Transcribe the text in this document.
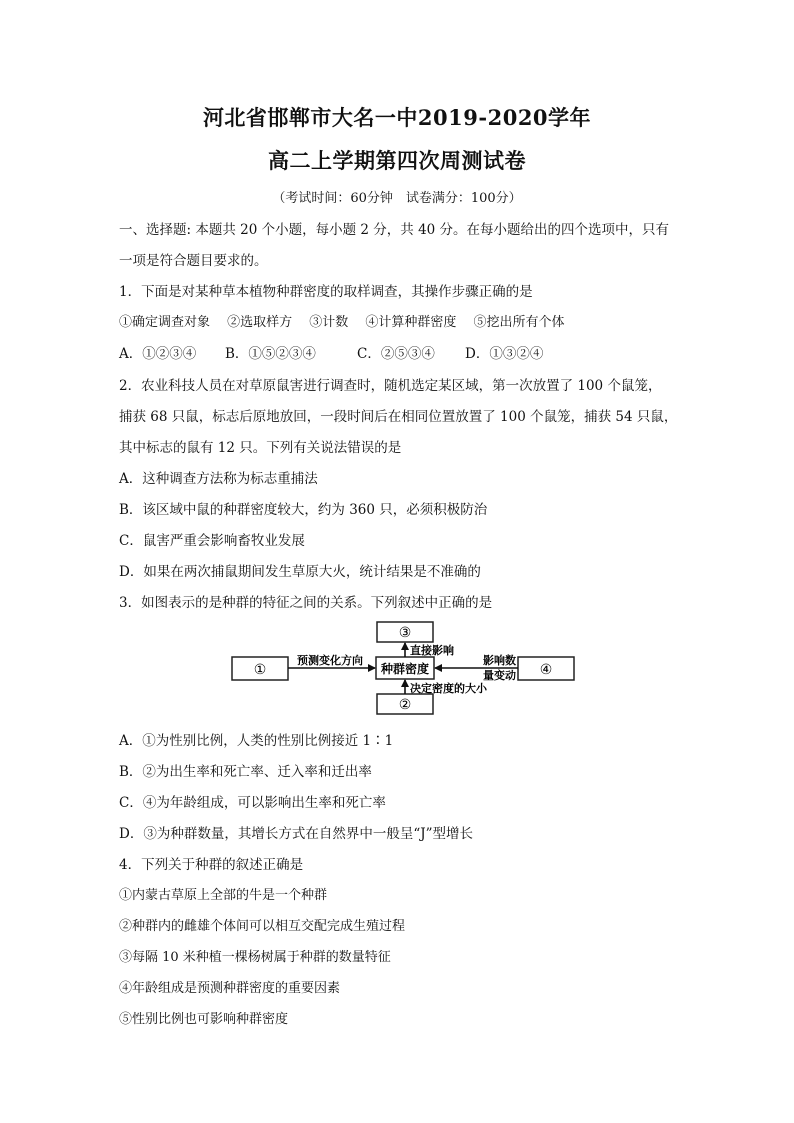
河北省邯郸市大名一中2019-2020学年
高二上学期第四次周测试卷
（考试时间：60分钟　试卷满分：100分）
一、选择题: 本题共 20 个小题，每小题 2 分，共 40 分。在每小题给出的四个选项中，只有
一项是符合题目要求的。
1．下面是对某种草本植物种群密度的取样调查，其操作步骤正确的是
①确定调查对象　 ②选取样方　 ③计数　 ④计算种群密度　 ⑤挖出所有个体
A．①②③④ B．①⑤②③④	C．②⑤③④ D．①③②④
2．农业科技人员在对草原鼠害进行调查时，随机选定某区域，第一次放置了 100 个鼠笼，
捕获 68 只鼠，标志后原地放回，一段时间后在相同位置放置了 100 个鼠笼，捕获 54 只鼠，
其中标志的鼠有 12 只。下列有关说法错误的是
A．这种调查方法称为标志重捕法
B．该区域中鼠的种群密度较大，约为 360 只，必须积极防治
C．鼠害严重会影响畜牧业发展
D．如果在两次捕鼠期间发生草原大火，统计结果是不准确的
3．如图表示的是种群的特征之间的关系。下列叙述中正确的是
①
③
种群密度
②
④
预测变化方向
直接影响
影响数
量变动
决定密度的大小
A．①为性别比例，人类的性别比例接近 1∶1
B．②为出生率和死亡率、迁入率和迁出率
C．④为年龄组成，可以影响出生率和死亡率
D．③为种群数量，其增长方式在自然界中一般呈“J”型增长
4．下列关于种群的叙述正确是
①内蒙古草原上全部的牛是一个种群
②种群内的雌雄个体间可以相互交配完成生殖过程
③每隔 10 米种植一棵杨树属于种群的数量特征
④年龄组成是预测种群密度的重要因素
⑤性别比例也可影响种群密度
